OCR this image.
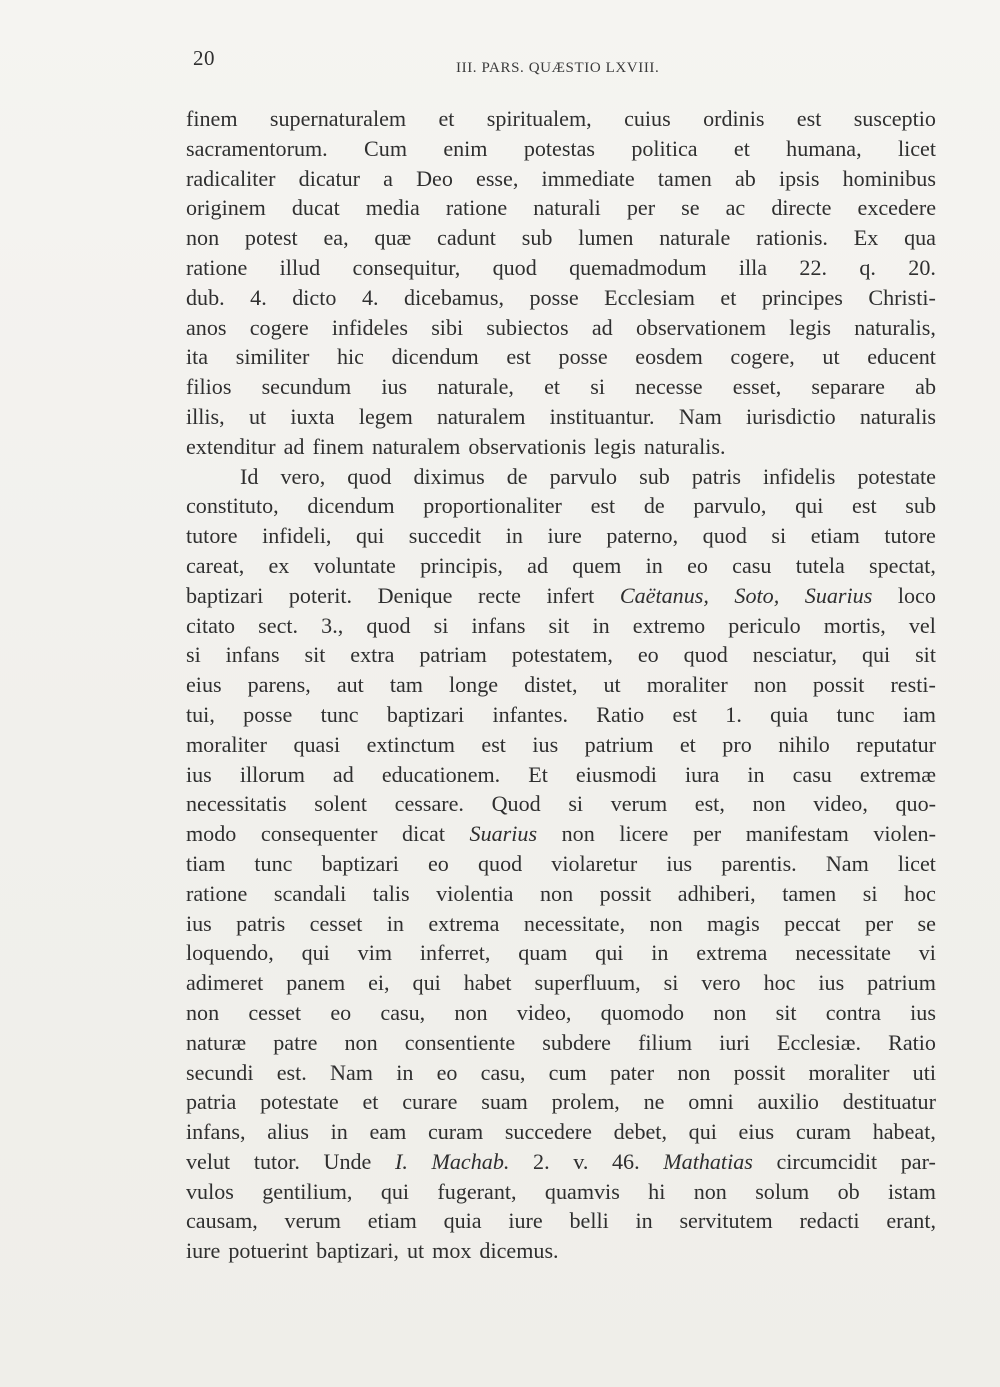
20	III. PARS. QUÆSTIO LXVIII.
finem supernaturalem et spiritualem, cuius ordinis est susceptio
sacramentorum. Cum enim potestas politica et humana, licet
radicaliter dicatur a Deo esse, immediate tamen ab ipsis hominibus
originem ducat media ratione naturali per se ac directe excedere
non potest ea, quæ cadunt sub lumen naturale rationis. Ex qua
ratione illud consequitur, quod quemadmodum illa 22. q. 20.
dub. 4. dicto 4. dicebamus, posse Ecclesiam et principes Christi-
anos cogere infideles sibi subiectos ad observationem legis naturalis,
ita similiter hic dicendum est posse eosdem cogere, ut educent
filios secundum ius naturale, et si necesse esset, separare ab
illis, ut iuxta legem naturalem instituantur. Nam iurisdictio naturalis
extenditur ad finem naturalem observationis legis naturalis.
Id vero, quod diximus de parvulo sub patris infidelis potestate
constituto, dicendum proportionaliter est de parvulo, qui est sub
tutore infideli, qui succedit in iure paterno, quod si etiam tutore
careat, ex voluntate principis, ad quem in eo casu tutela spectat,
baptizari poterit. Denique recte infert Caëtanus, Soto, Suarius loco
citato sect. 3., quod si infans sit in extremo periculo mortis, vel
si infans sit extra patriam potestatem, eo quod nesciatur, qui sit
eius parens, aut tam longe distet, ut moraliter non possit resti-
tui, posse tunc baptizari infantes. Ratio est 1. quia tunc iam
moraliter quasi extinctum est ius patrium et pro nihilo reputatur
ius illorum ad educationem. Et eiusmodi iura in casu extremæ
necessitatis solent cessare. Quod si verum est, non video, quo-
modo consequenter dicat Suarius non licere per manifestam violen-
tiam tunc baptizari eo quod violaretur ius parentis. Nam licet
ratione scandali talis violentia non possit adhiberi, tamen si hoc
ius patris cesset in extrema necessitate, non magis peccat per se
loquendo, qui vim inferret, quam qui in extrema necessitate vi
adimeret panem ei, qui habet superfluum, si vero hoc ius patrium
non cesset eo casu, non video, quomodo non sit contra ius
naturæ patre non consentiente subdere filium iuri Ecclesiæ. Ratio
secundi est. Nam in eo casu, cum pater non possit moraliter uti
patria potestate et curare suam prolem, ne omni auxilio destituatur
infans, alius in eam curam succedere debet, qui eius curam habeat,
velut tutor. Unde I. Machab. 2. v. 46. Mathatias circumcidit par-
vulos gentilium, qui fugerant, quamvis hi non solum ob istam
causam, verum etiam quia iure belli in servitutem redacti erant,
iure potuerint baptizari, ut mox dicemus.
